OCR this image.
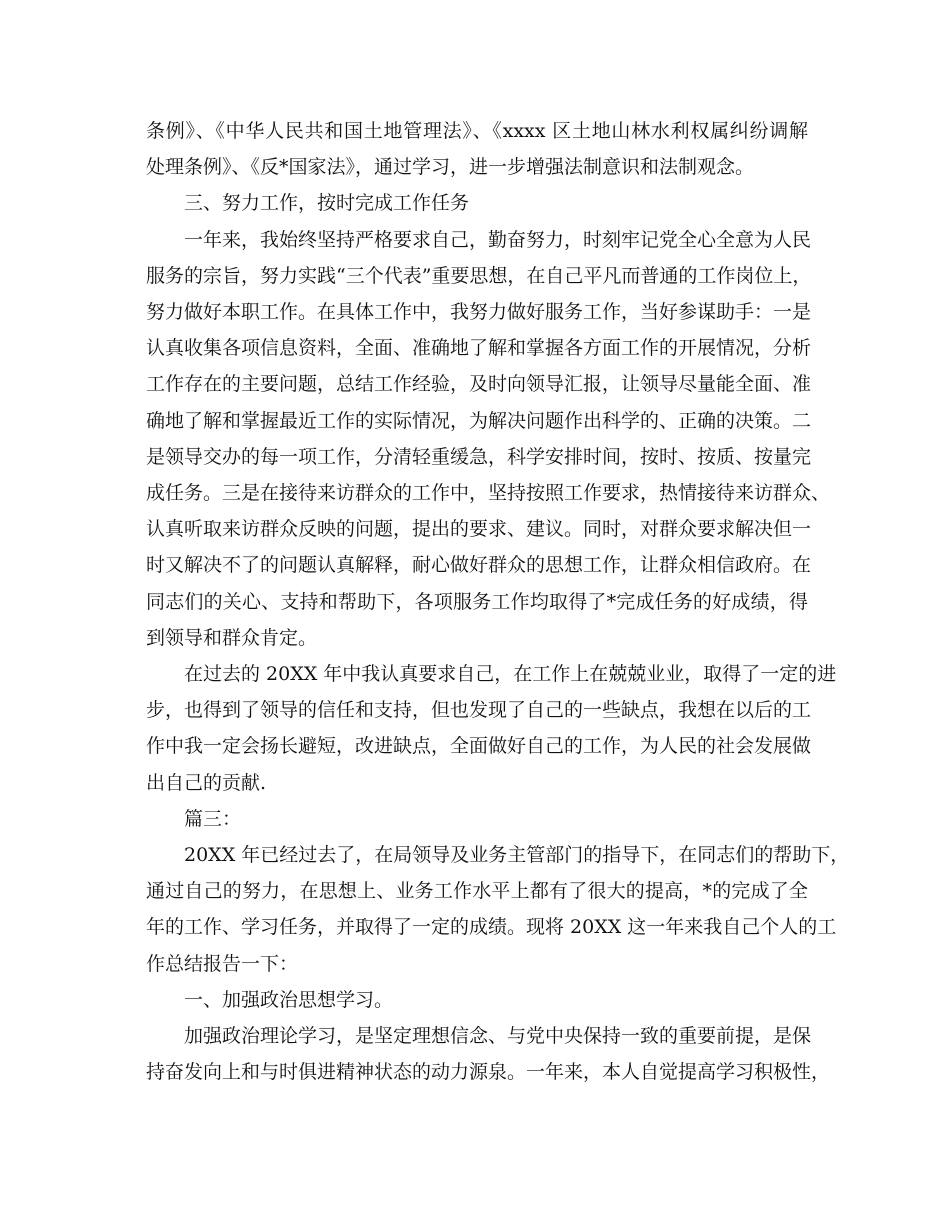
条例》、《中华人民共和国土地管理法》、《xxxx 区土地山林水利权属纠纷调解
处理条例》、《反*国家法》，通过学习，进一步增强法制意识和法制观念。
三、努力工作，按时完成工作任务
一年来，我始终坚持严格要求自己，勤奋努力，时刻牢记党全心全意为人民
服务的宗旨，努力实践“三个代表”重要思想，在自己平凡而普通的工作岗位上，
努力做好本职工作。在具体工作中，我努力做好服务工作，当好参谋助手：一是
认真收集各项信息资料，全面、准确地了解和掌握各方面工作的开展情况，分析
工作存在的主要问题，总结工作经验，及时向领导汇报，让领导尽量能全面、准
确地了解和掌握最近工作的实际情况，为解决问题作出科学的、正确的决策。二
是领导交办的每一项工作，分清轻重缓急，科学安排时间，按时、按质、按量完
成任务。三是在接待来访群众的工作中，坚持按照工作要求，热情接待来访群众、
认真听取来访群众反映的问题，提出的要求、建议。同时，对群众要求解决但一
时又解决不了的问题认真解释，耐心做好群众的思想工作，让群众相信政府。在
同志们的关心、支持和帮助下，各项服务工作均取得了*完成任务的好成绩，得
到领导和群众肯定。
在过去的 20XX 年中我认真要求自己，在工作上在兢兢业业，取得了一定的进
步，也得到了领导的信任和支持，但也发现了自己的一些缺点，我想在以后的工
作中我一定会扬长避短，改进缺点，全面做好自己的工作，为人民的社会发展做
出自己的贡献.
篇三：
20XX 年已经过去了，在局领导及业务主管部门的指导下，在同志们的帮助下，
通过自己的努力，在思想上、业务工作水平上都有了很大的提高，*的完成了全
年的工作、学习任务，并取得了一定的成绩。现将 20XX 这一年来我自己个人的工
作总结报告一下：
一、加强政治思想学习。
加强政治理论学习，是坚定理想信念、与党中央保持一致的重要前提，是保
持奋发向上和与时俱进精神状态的动力源泉。一年来，本人自觉提高学习积极性，
